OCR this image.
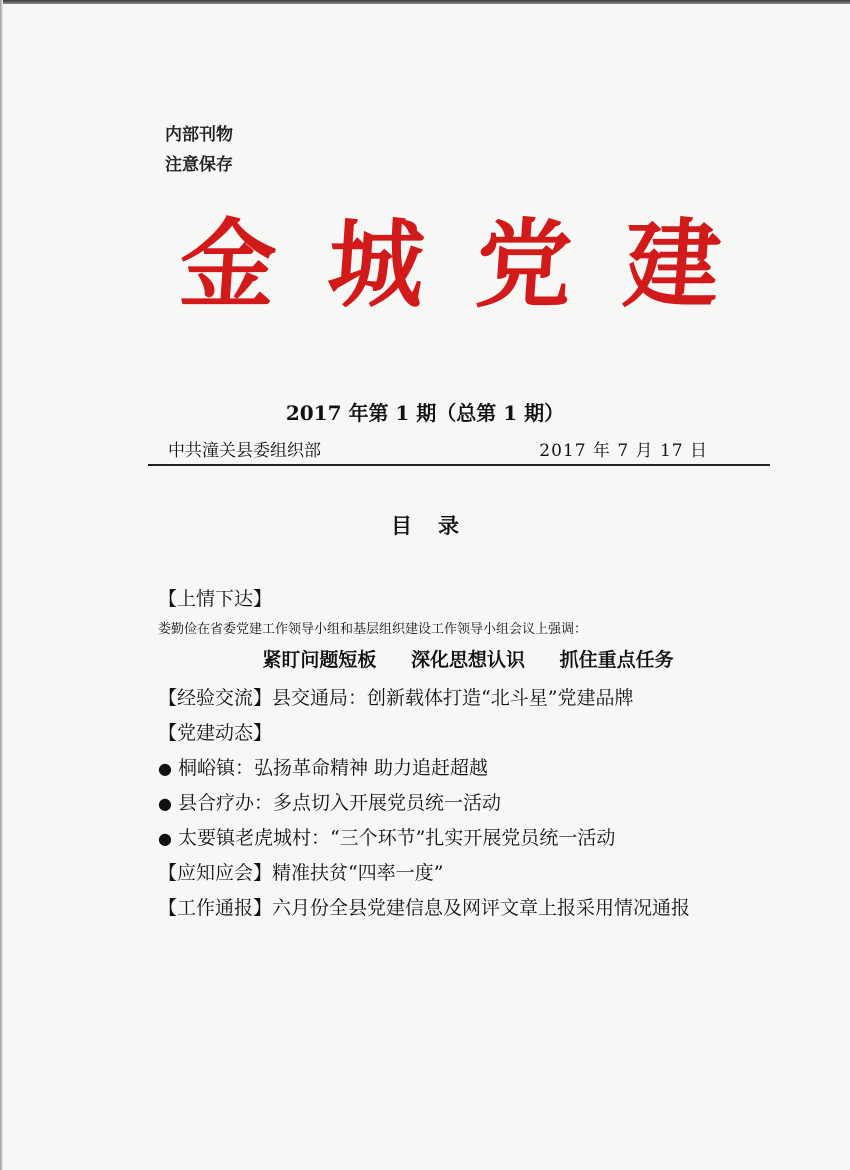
内部刊物
注意保存
金 城 党 建
2017 年第 1 期（总第 1 期）
中共潼关县委组织部	2017 年 7 月 17 日
目录
【上情下达】
娄勤俭在省委党建工作领导小组和基层组织建设工作领导小组会议上强调：
紧盯问题短板 深化思想认识 抓住重点任务
【经验交流】县交通局：创新载体打造“北斗星”党建品牌
【党建动态】
● 桐峪镇：弘扬革命精神 助力追赶超越
● 县合疗办：多点切入开展党员统一活动
● 太要镇老虎城村：“三个环节”扎实开展党员统一活动
【应知应会】精准扶贫“四率一度”
【工作通报】六月份全县党建信息及网评文章上报采用情况通报
